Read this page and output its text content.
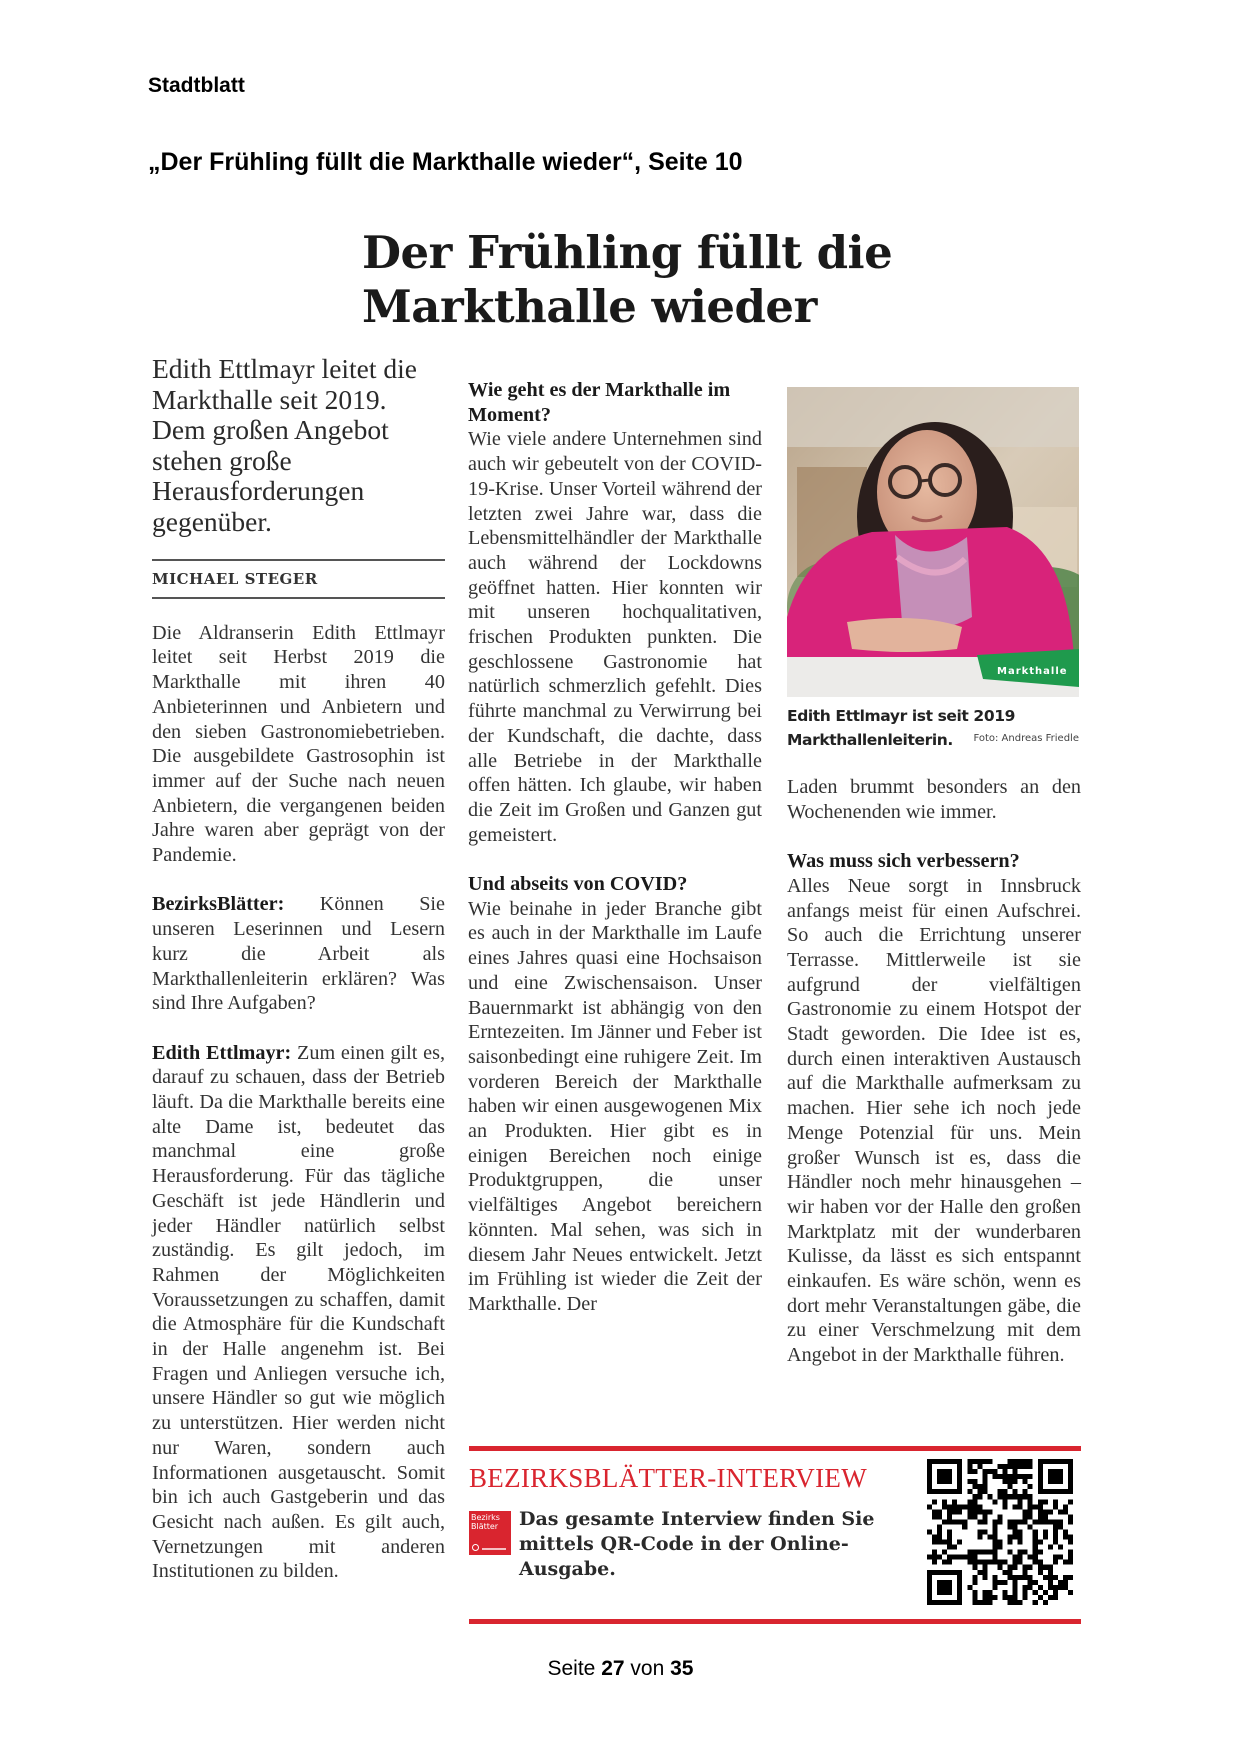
Stadtblatt
„Der Frühling füllt die Markthalle wieder“, Seite 10
Der Frühling füllt die Markthalle wieder

Edith Ettlmayr leitet die Markthalle seit 2019. Dem großen Angebot stehen große Herausforderungen gegenüber.

MICHAEL STEGER

Die Aldranserin Edith Ettlmayr leitet seit Herbst 2019 die Markthalle mit ihren 40 Anbieterinnen und Anbietern und den sieben Gastronomiebetrieben. Die ausgebildete Gastrosophin ist immer auf der Suche nach neuen Anbietern, die vergangenen beiden Jahre waren aber geprägt von der Pandemie.

BezirksBlätter: Können Sie unseren Leserinnen und Lesern kurz die Arbeit als Markthallenleiterin erklären? Was sind Ihre Aufgaben?

Edith Ettlmayr: Zum einen gilt es, darauf zu schauen, dass der Betrieb läuft. Da die Markthalle bereits eine alte Dame ist, bedeutet das manchmal eine große Herausforderung. Für das tägliche Geschäft ist jede Händlerin und jeder Händler natürlich selbst zuständig. Es gilt jedoch, im Rahmen der Möglichkeiten Voraussetzungen zu schaffen, damit die Atmosphäre für die Kundschaft in der Halle angenehm ist. Bei Fragen und Anliegen versuche ich, unsere Händler so gut wie möglich zu unterstützen. Hier werden nicht nur Waren, sondern auch Informationen ausgetauscht. Somit bin ich auch Gastgeberin und das Gesicht nach außen. Es gilt auch, Vernetzungen mit anderen Institutionen zu bilden.

Wie geht es der Markthalle im Moment?

Wie viele andere Unternehmen sind auch wir gebeutelt von der COVID-19-Krise. Unser Vorteil während der letzten zwei Jahre war, dass die Lebensmittelhändler der Markthalle auch während der Lockdowns geöffnet hatten. Hier konnten wir mit unseren hochqualitativen, frischen Produkten punkten. Die geschlossene Gastronomie hat natürlich schmerzlich gefehlt. Dies führte manchmal zu Verwirrung bei der Kundschaft, die dachte, dass alle Betriebe in der Markthalle offen hätten. Ich glaube, wir haben die Zeit im Großen und Ganzen gut gemeistert.

Und abseits von COVID?

Wie beinahe in jeder Branche gibt es auch in der Markthalle im Laufe eines Jahres quasi eine Hochsaison und eine Zwischensaison. Unser Bauernmarkt ist abhängig von den Erntezeiten. Im Jänner und Feber ist saisonbedingt eine ruhigere Zeit. Im vorderen Bereich der Markthalle haben wir einen ausgewogenen Mix an Produkten. Hier gibt es in einigen Bereichen noch einige Produktgruppen, die unser vielfältiges Angebot bereichern könnten. Mal sehen, was sich in diesem Jahr Neues entwickelt. Jetzt im Frühling ist wieder die Zeit der Markthalle. Der

Markthalle
Edith Ettlmayr ist seit 2019 Markthallenleiterin. Foto: Andreas Friedle

Laden brummt besonders an den Wochenenden wie immer.

Was muss sich verbessern?

Alles Neue sorgt in Innsbruck anfangs meist für einen Aufschrei. So auch die Errichtung unserer Terrasse. Mittlerweile ist sie aufgrund der vielfältigen Gastronomie zu einem Hotspot der Stadt geworden. Die Idee ist es, durch einen interaktiven Austausch auf die Markthalle aufmerksam zu machen. Hier sehe ich noch jede Menge Potenzial für uns. Mein großer Wunsch ist es, dass die Händler noch mehr hinausgehen – wir haben vor der Halle den großen Marktplatz mit der wunderbaren Kulisse, da lässt es sich entspannt einkaufen. Es wäre schön, wenn es dort mehr Veranstaltungen gäbe, die zu einer Verschmelzung mit dem Angebot in der Markthalle führen.

BEZIRKSBLÄTTER-INTERVIEW
Bezirks
Blätter	Das gesamte Interview finden Sie mittels QR-Code in der Online-Ausgabe.
Seite 27 von 35
